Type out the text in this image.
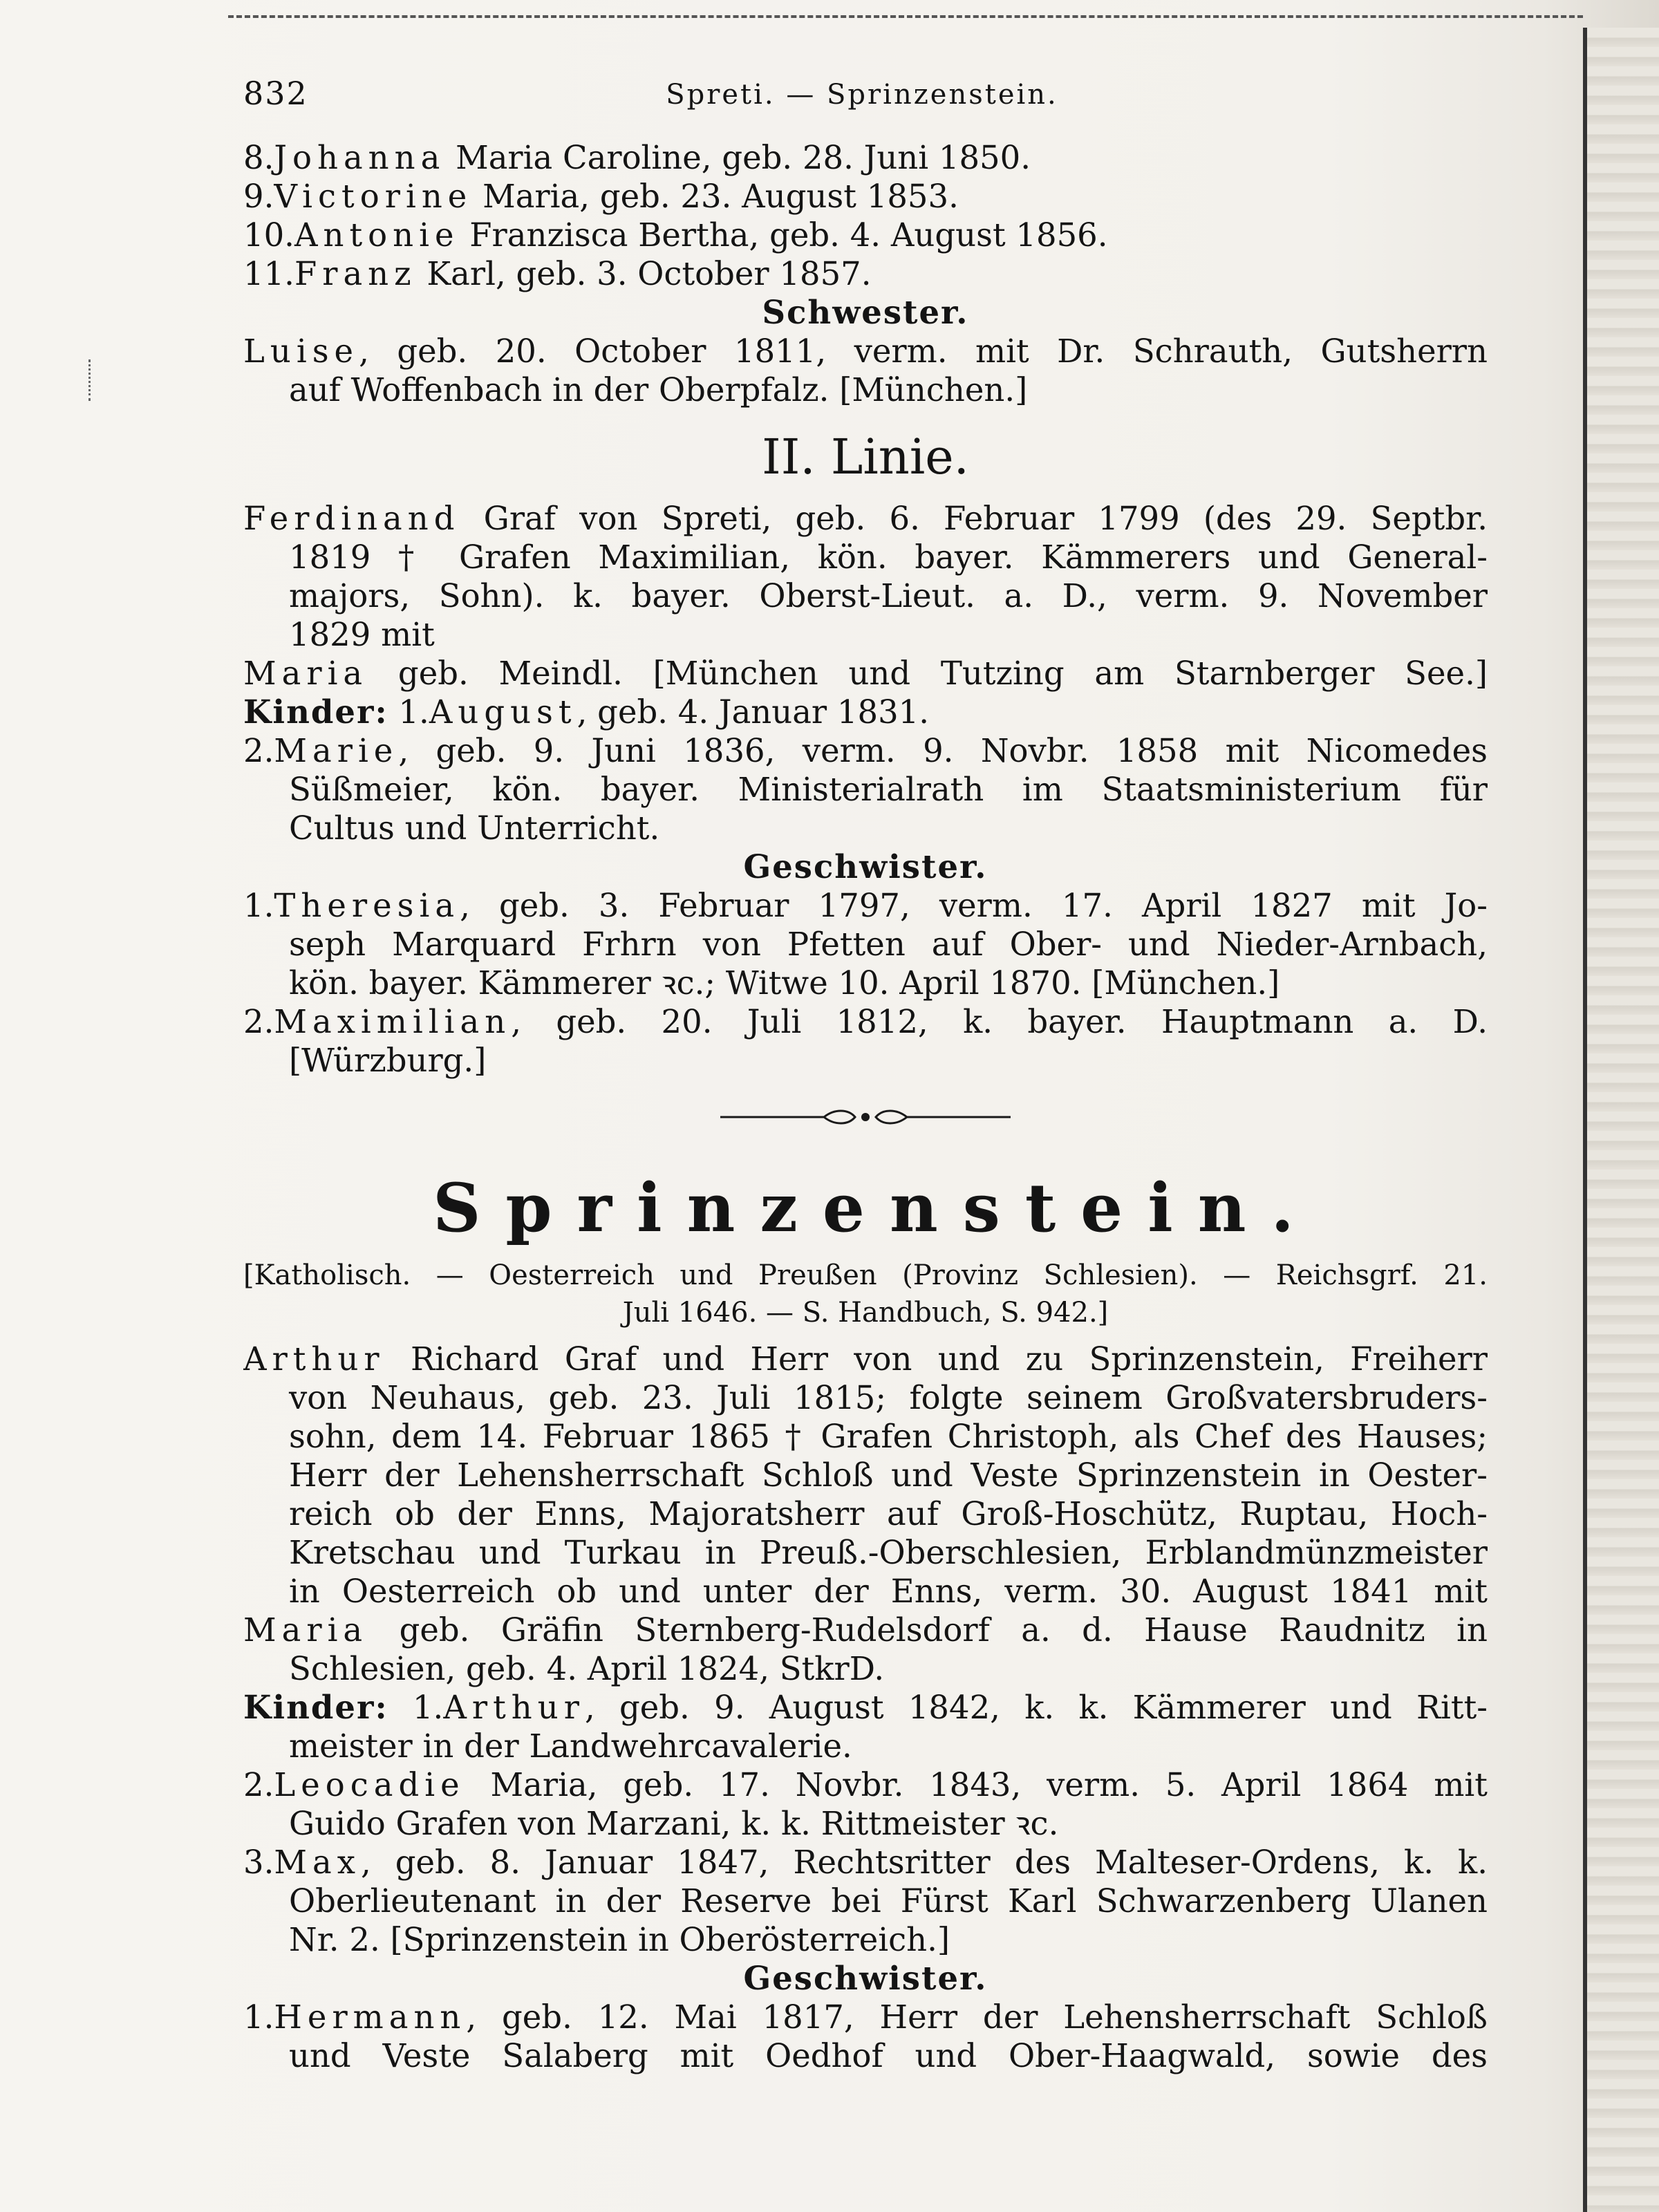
832	Spreti. — Sprinzenstein.
8.Johanna Maria Caroline, geb. 28. Juni 1850.
9.Victorine Maria, geb. 23. August 1853.
10.Antonie Franzisca Bertha, geb. 4. August 1856.
11.Franz Karl, geb. 3. October 1857.
Schwester.
Luise, geb. 20. October 1811, verm. mit Dr. Schrauth, Gutsherrn
auf Woffenbach in der Oberpfalz. [München.]
II. Linie.
Ferdinand Graf von Spreti, geb. 6. Februar 1799 (des 29. Septbr.
1819 † Grafen Maximilian, kön. bayer. Kämmerers und General-
majors, Sohn). k. bayer. Oberst-Lieut. a. D., verm. 9. November
1829 mit
Maria geb. Meindl. [München und Tutzing am Starnberger See.]
Kinder: 1.August, geb. 4. Januar 1831.
2.Marie, geb. 9. Juni 1836, verm. 9. Novbr. 1858 mit Nicomedes
Süßmeier, kön. bayer. Ministerialrath im Staatsministerium für
Cultus und Unterricht.
Geschwister.
1.Theresia, geb. 3. Februar 1797, verm. 17. April 1827 mit Jo-
seph Marquard Frhrn von Pfetten auf Ober- und Nieder-Arnbach,
kön. bayer. Kämmerer ꝛc.; Witwe 10. April 1870. [München.]
2.Maximilian, geb. 20. Juli 1812, k. bayer. Hauptmann a. D.
[Würzburg.]
Sprinzenstein.
[Katholisch. — Oesterreich und Preußen (Provinz Schlesien). — Reichsgrf. 21.
Juli 1646. — S. Handbuch, S. 942.]
Arthur Richard Graf und Herr von und zu Sprinzenstein, Freiherr
von Neuhaus, geb. 23. Juli 1815; folgte seinem Großvatersbruders-
sohn, dem 14. Februar 1865 † Grafen Christoph, als Chef des Hauses;
Herr der Lehensherrschaft Schloß und Veste Sprinzenstein in Oester-
reich ob der Enns, Majoratsherr auf Groß-Hoschütz, Ruptau, Hoch-
Kretschau und Turkau in Preuß.-Oberschlesien, Erblandmünzmeister
in Oesterreich ob und unter der Enns, verm. 30. August 1841 mit
Maria geb. Gräfin Sternberg-Rudelsdorf a. d. Hause Raudnitz in
Schlesien, geb. 4. April 1824, StkrD.
Kinder: 1.Arthur, geb. 9. August 1842, k. k. Kämmerer und Ritt-
meister in der Landwehrcavalerie.
2.Leocadie Maria, geb. 17. Novbr. 1843, verm. 5. April 1864 mit
Guido Grafen von Marzani, k. k. Rittmeister ꝛc.
3.Max, geb. 8. Januar 1847, Rechtsritter des Malteser-Ordens, k. k.
Oberlieutenant in der Reserve bei Fürst Karl Schwarzenberg Ulanen
Nr. 2. [Sprinzenstein in Oberösterreich.]
Geschwister.
1.Hermann, geb. 12. Mai 1817, Herr der Lehensherrschaft Schloß
und Veste Salaberg mit Oedhof und Ober-Haagwald, sowie des
